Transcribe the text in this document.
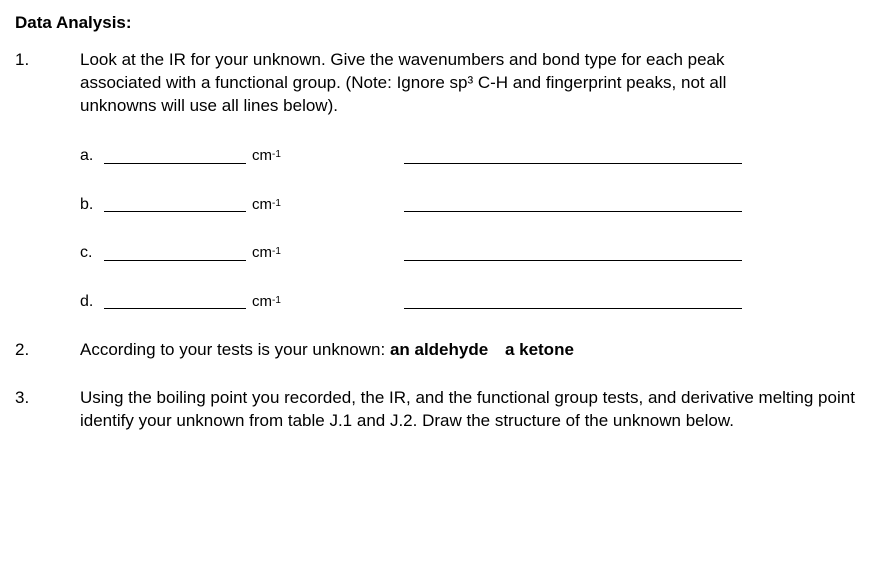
Data Analysis:
1.	Look at the IR for your unknown. Give the wavenumbers and bond type for each peak associated with a functional group. (Note: Ignore sp³ C-H and fingerprint peaks, not all unknowns will use all lines below).
a.	$cm^{-1}$
b.	$cm^{-1}$
c.	$cm^{-1}$
d.	$cm^{-1}$
2.	According to your tests is your unknown: an aldehyde a ketone
3.	Using the boiling point you recorded, the IR, and the functional group tests, and derivative melting point identify your unknown from table J.1 and J.2. Draw the structure of the unknown below.
